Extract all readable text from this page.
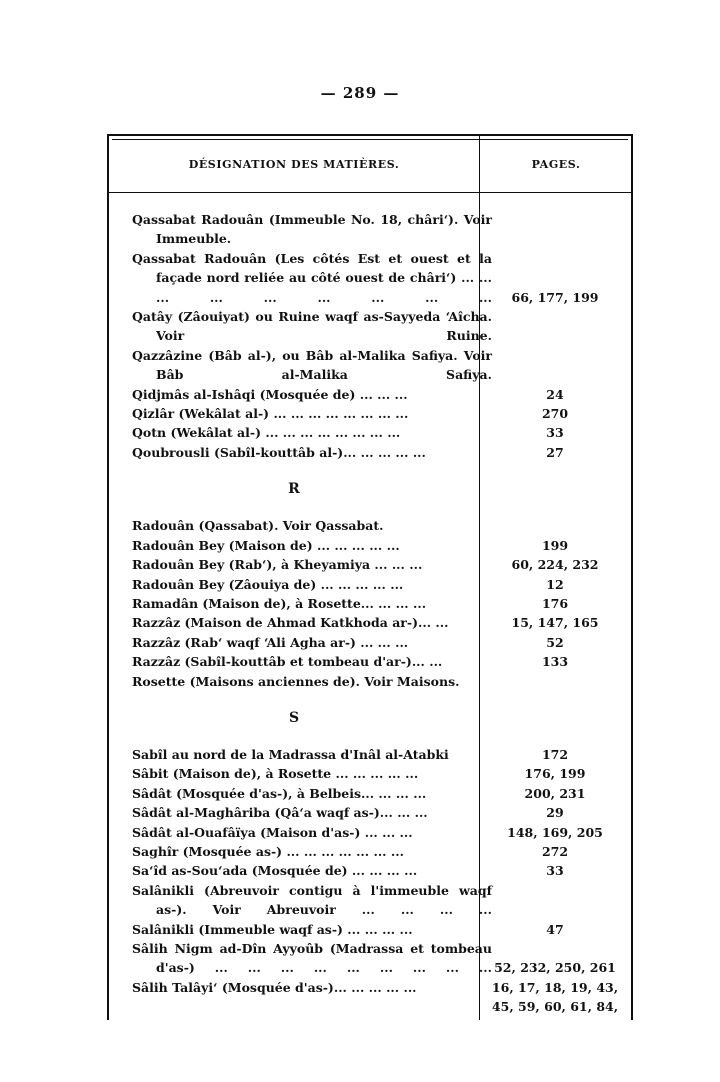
— 289 —
DÉSIGNATION DES MATIÈRES.	PAGES.
Qassabat Radouân (Immeuble No. 18, châri‘). Voir Immeuble.
Qassabat Radouân (Les côtés Est et ouest et la façade nord reliée au côté ouest de châri‘) ... ... ... ... ... ... ... ... ...	66, 177, 199
Qatây (Zâouiyat) ou Ruine waqf as-Sayyeda ‘Aîcha. Voir Ruine.
Qazzâzine (Bâb al-), ou Bâb al-Malika Safiya. Voir Bâb al-Malika Safiya.
Qidjmâs al-Ishâqi (Mosquée de) ... ... ...	24
Qizlâr (Wekâlat al-) ... ... ... ... ... ... ... ...	270
Qotn (Wekâlat al-) ... ... ... ... ... ... ... ...	33
Qoubrousli (Sabîl-kouttâb al-)... ... ... ... ...	27
R
Radouân (Qassabat). Voir Qassabat.
Radouân Bey (Maison de) ... ... ... ... ...	199
Radouân Bey (Rab‘), à Kheyamiya ... ... ...	60, 224, 232
Radouân Bey (Zâouiya de) ... ... ... ... ...	12
Ramadân (Maison de), à Rosette... ... ... ...	176
Razzâz (Maison de Ahmad Katkhoda ar-)... ...	15, 147, 165
Razzâz (Rab‘ waqf ‘Ali Agha ar-) ... ... ...	52
Razzâz (Sabîl-kouttâb et tombeau d'ar-)... ...	133
Rosette (Maisons anciennes de). Voir Maisons.
S
Sabîl au nord de la Madrassa d'Inâl al-Atabki	172
Sâbit (Maison de), à Rosette ... ... ... ... ...	176, 199
Sâdât (Mosquée d'as-), à Belbeis... ... ... ...	200, 231
Sâdât al-Maghâriba (Qâ‘a waqf as-)... ... ...	29
Sâdât al-Ouafâïya (Maison d'as-) ... ... ...	148, 169, 205
Saghîr (Mosquée as-) ... ... ... ... ... ... ...	272
Sa‘îd as-Sou‘ada (Mosquée de) ... ... ... ...	33
Salânikli (Abreuvoir contigu à l'immeuble waqf as-). Voir Abreuvoir ... ... ... ...
Salânikli (Immeuble waqf as-) ... ... ... ...	47
Sâlih Nigm ad-Dîn Ayyoûb (Madrassa et tombeau d'as-) ... ... ... ... ... ... ... ... ... 52, 232, 250, 261
Sâlih Talâyi‘ (Mosquée d'as-)... ... ... ... ...	16, 17, 18, 19, 43, 45, 59, 60, 61, 84,
